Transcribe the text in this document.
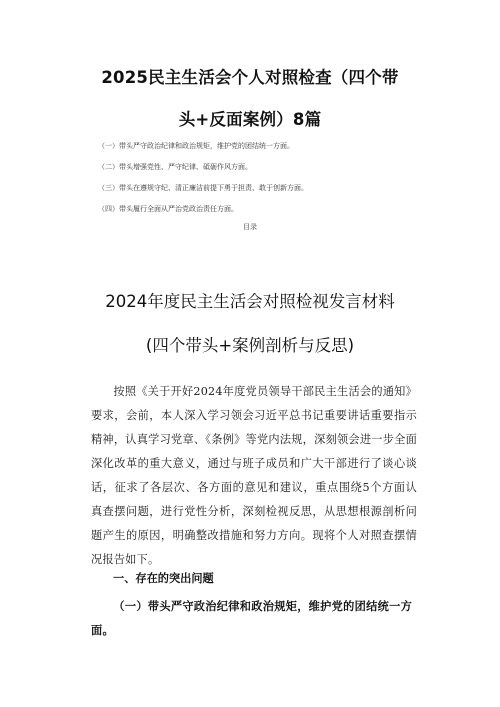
2025民主生活会个人对照检查（四个带
头+反面案例）8篇
（一）带头严守政治纪律和政治规矩，维护党的团结统一方面。
（二）带头增强党性、严守纪律、砥砺作风方面。
（三）带头在遵规守纪、清正廉洁前提下勇于担责、敢于创新方面。
（四）带头履行全面从严治党政治责任方面。
目录
2024年度民主生活会对照检视发言材料
(四个带头+案例剖析与反思)
按照《关于开好2024年度党员领导干部民主生活会的通知》要求，会前，本人深入学习领会习近平总书记重要讲话重要指示精神，认真学习党章、《条例》等党内法规，深刻领会进一步全面深化改革的重大意义，通过与班子成员和广大干部进行了谈心谈话，征求了各层次、各方面的意见和建议，重点围绕5个方面认真查摆问题，进行党性分析，深刻检视反思，从思想根源剖析问题产生的原因，明确整改措施和努力方向。现将个人对照查摆情况报告如下。
一、存在的突出问题
（一）带头严守政治纪律和政治规矩，维护党的团结统一方面。
